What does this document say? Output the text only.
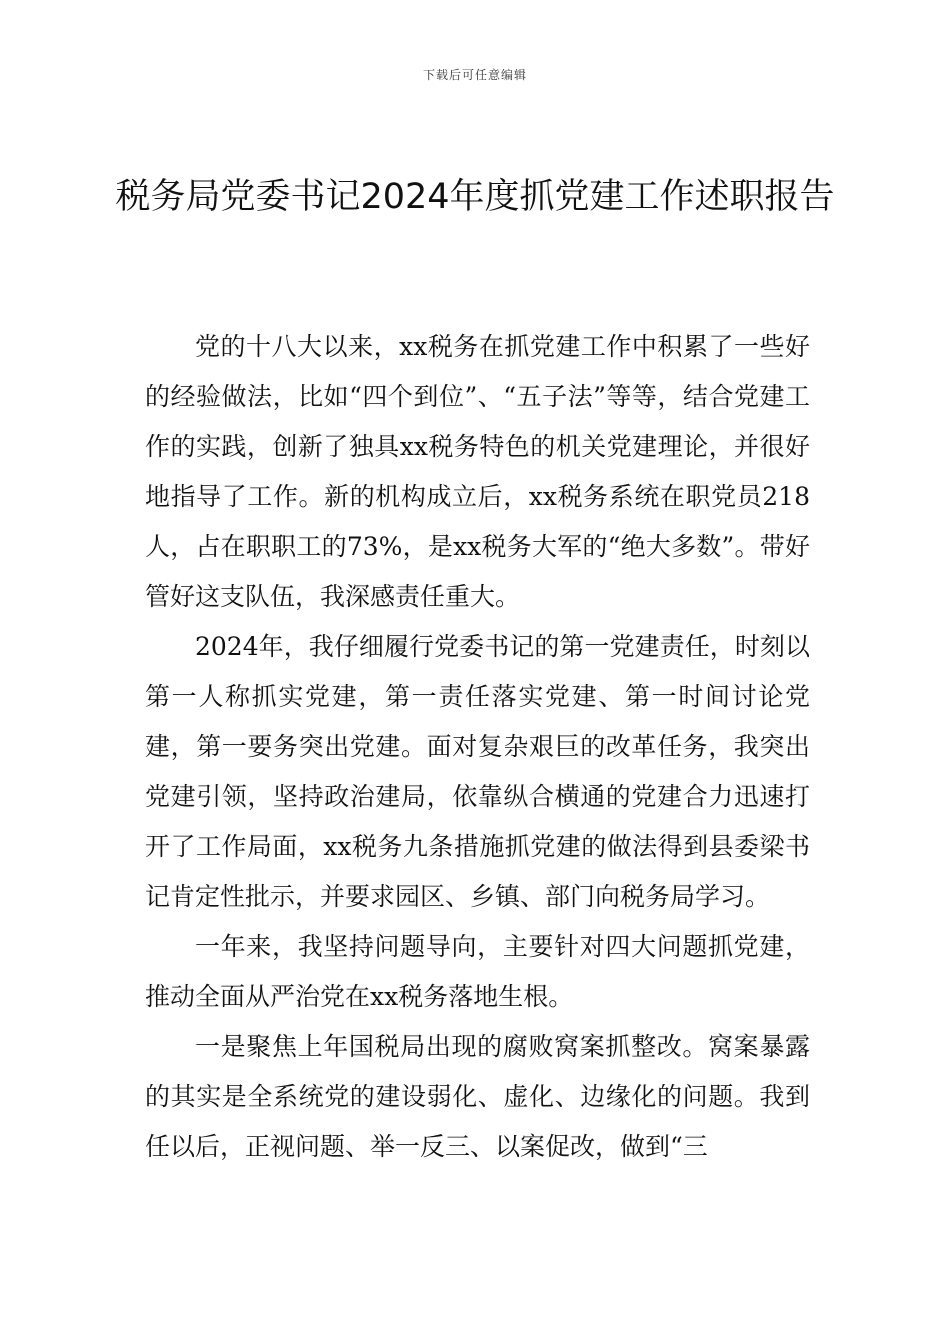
下载后可任意编辑
税务局党委书记2024年度抓党建工作述职报告

党的十八大以来，xx税务在抓党建工作中积累了一些好的经验做法，比如“四个到位”、“五子法”等等，结合党建工作的实践，创新了独具xx税务特色的机关党建理论，并很好地指导了工作。新的机构成立后，xx税务系统在职党员218人，占在职职工的73%，是xx税务大军的“绝大多数”。带好管好这支队伍，我深感责任重大。

2024年，我仔细履行党委书记的第一党建责任，时刻以第一人称抓实党建，第一责任落实党建、第一时间讨论党建，第一要务突出党建。面对复杂艰巨的改革任务，我突出党建引领，坚持政治建局，依靠纵合横通的党建合力迅速打开了工作局面，xx税务九条措施抓党建的做法得到县委梁书记肯定性批示，并要求园区、乡镇、部门向税务局学习。

一年来，我坚持问题导向，主要针对四大问题抓党建，推动全面从严治党在xx税务落地生根。

一是聚焦上年国税局出现的腐败窝案抓整改。窝案暴露的其实是全系统党的建设弱化、虚化、边缘化的问题。我到任以后，正视问题、举一反三、以案促改，做到“三
